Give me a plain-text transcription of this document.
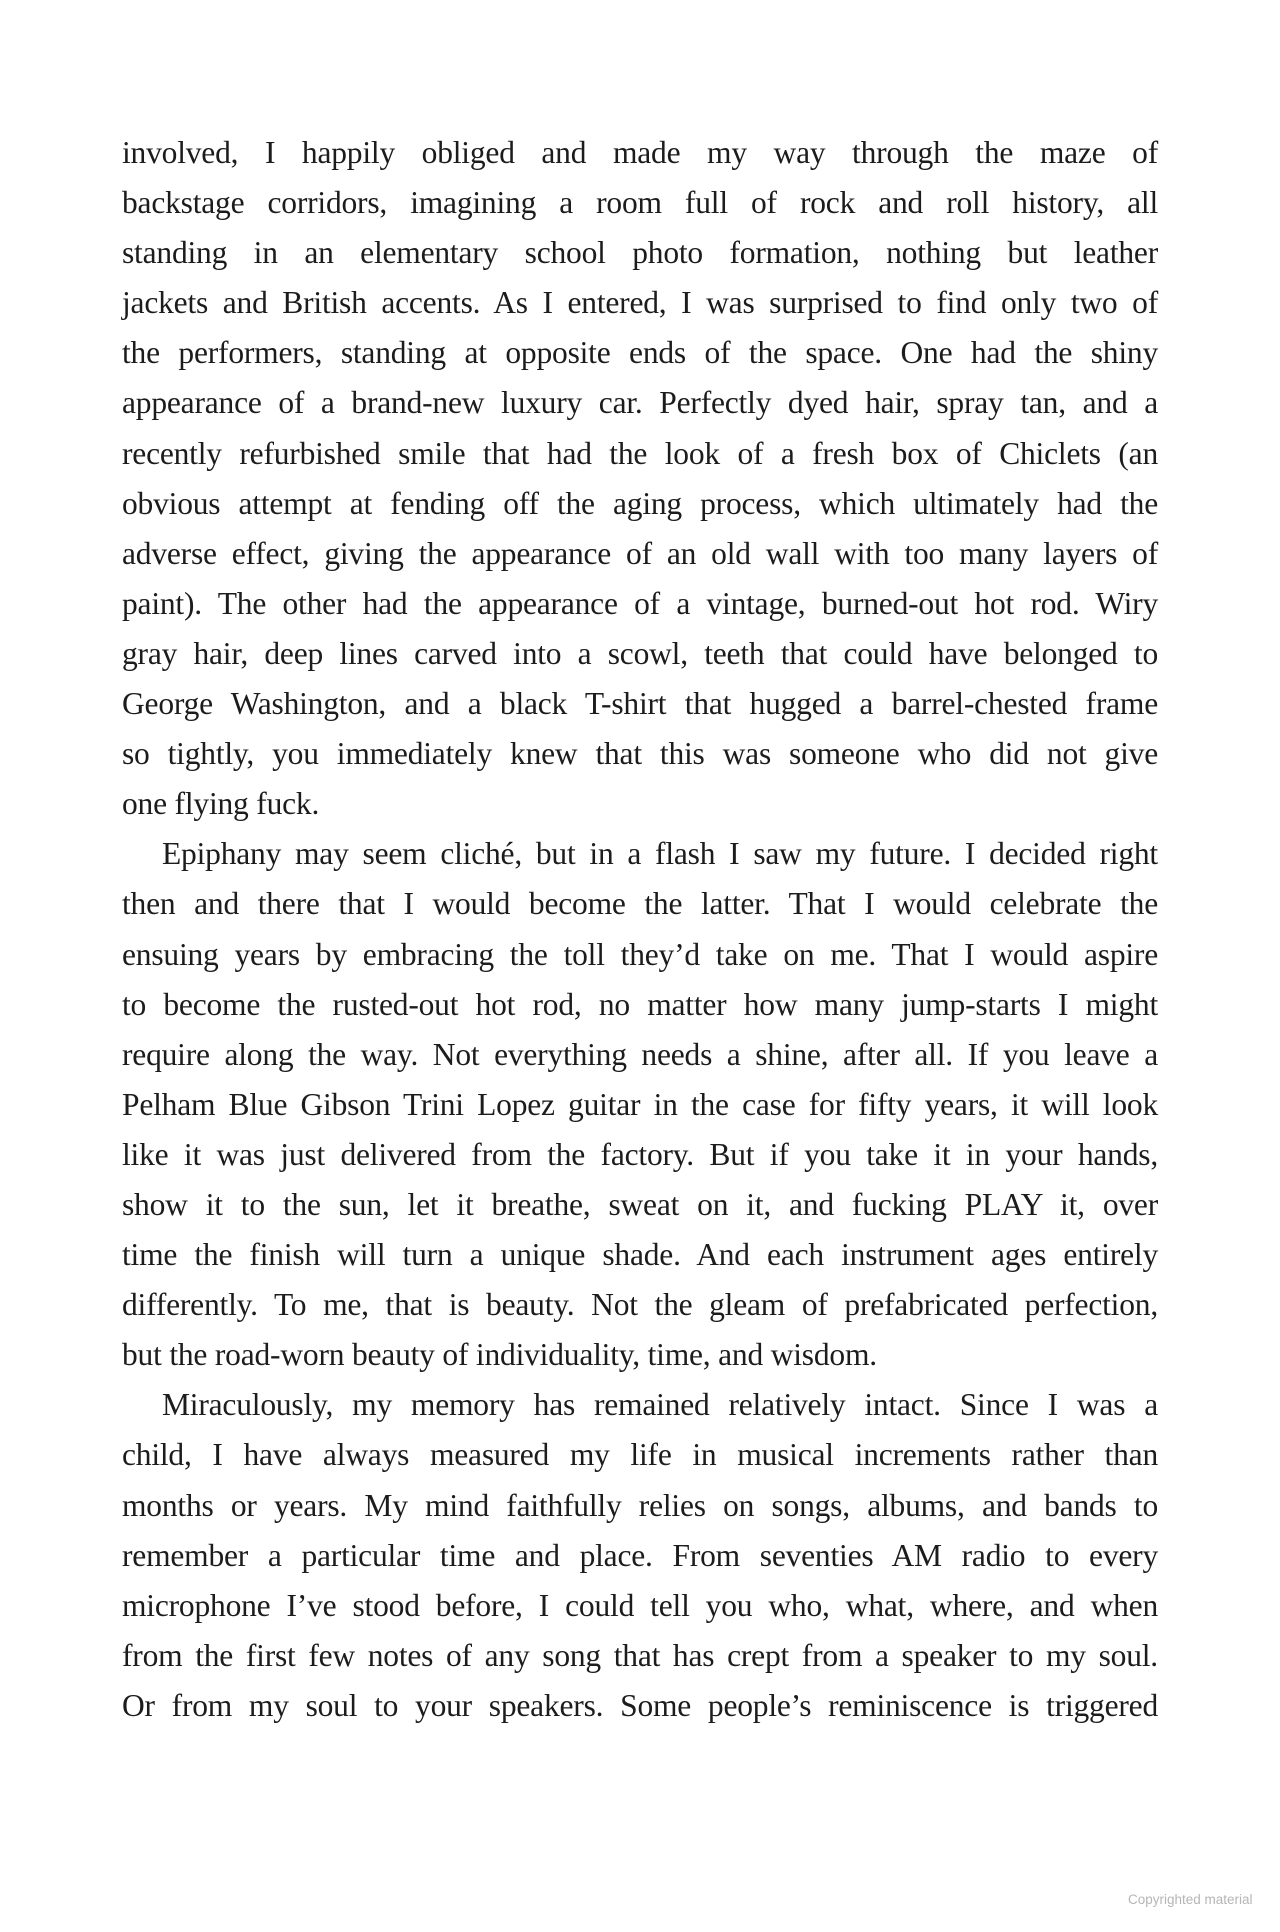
involved, I happily obliged and made my way through the maze of
backstage corridors, imagining a room full of rock and roll history, all
standing in an elementary school photo formation, nothing but leather
jackets and British accents. As I entered, I was surprised to find only two of
the performers, standing at opposite ends of the space. One had the shiny
appearance of a brand-new luxury car. Perfectly dyed hair, spray tan, and a
recently refurbished smile that had the look of a fresh box of Chiclets (an
obvious attempt at fending off the aging process, which ultimately had the
adverse effect, giving the appearance of an old wall with too many layers of
paint). The other had the appearance of a vintage, burned-out hot rod. Wiry
gray hair, deep lines carved into a scowl, teeth that could have belonged to
George Washington, and a black T-shirt that hugged a barrel-chested frame
so tightly, you immediately knew that this was someone who did not give
one flying fuck.
Epiphany may seem cliché, but in a flash I saw my future. I decided right
then and there that I would become the latter. That I would celebrate the
ensuing years by embracing the toll they’d take on me. That I would aspire
to become the rusted-out hot rod, no matter how many jump-starts I might
require along the way. Not everything needs a shine, after all. If you leave a
Pelham Blue Gibson Trini Lopez guitar in the case for fifty years, it will look
like it was just delivered from the factory. But if you take it in your hands,
show it to the sun, let it breathe, sweat on it, and fucking PLAY it, over
time the finish will turn a unique shade. And each instrument ages entirely
differently. To me, that is beauty. Not the gleam of prefabricated perfection,
but the road-worn beauty of individuality, time, and wisdom.
Miraculously, my memory has remained relatively intact. Since I was a
child, I have always measured my life in musical increments rather than
months or years. My mind faithfully relies on songs, albums, and bands to
remember a particular time and place. From seventies AM radio to every
microphone I’ve stood before, I could tell you who, what, where, and when
from the first few notes of any song that has crept from a speaker to my soul.
Or from my soul to your speakers. Some people’s reminiscence is triggered
Copyrighted material
